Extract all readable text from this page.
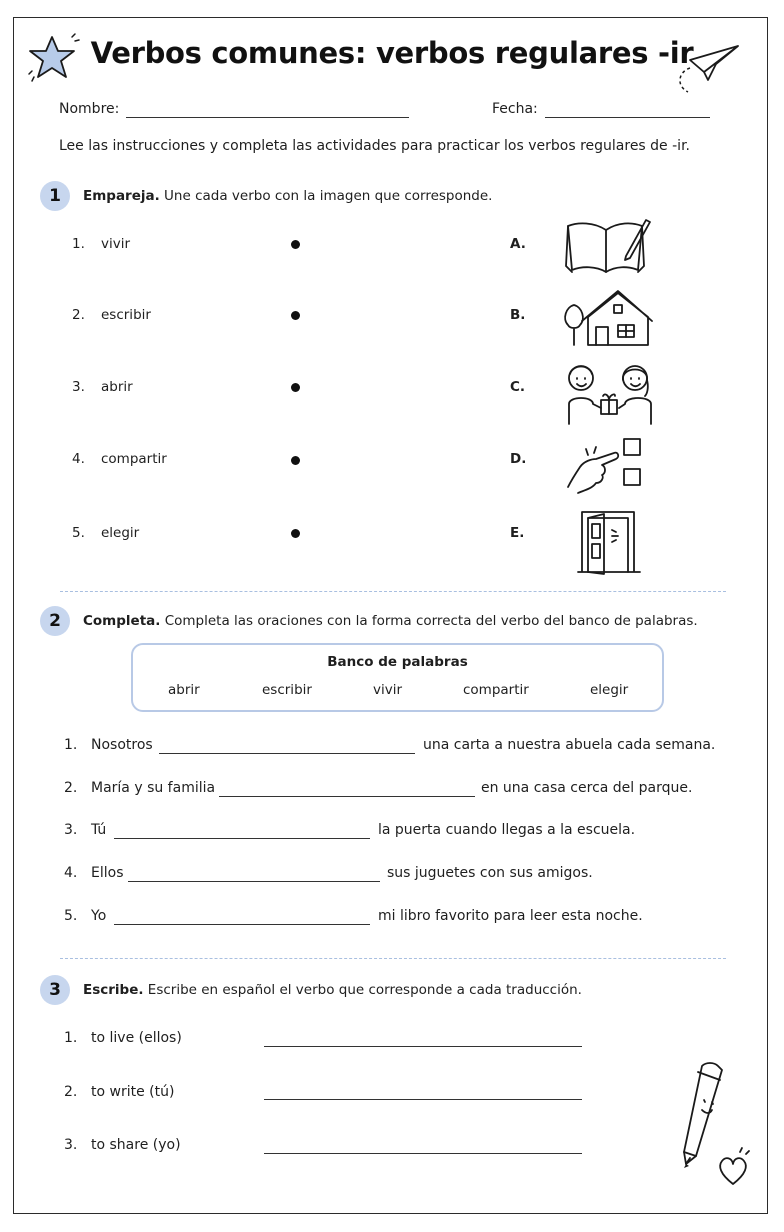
Verbos comunes: verbos regulares -ir
Nombre:	Fecha:
Lee las instrucciones y completa las actividades para practicar los verbos regulares de -ir.
1	Empareja. Une cada verbo con la imagen que corresponde.
1. vivir	A.
2. escribir	B.
3. abrir	C.
4. compartir	D.
5. elegir	E.
2	Completa. Completa las oraciones con la forma correcta del verbo del banco de palabras.
Banco de palabras
abrir	escribir	vivir	compartir	elegir
1. Nosotros	una carta a nuestra abuela cada semana.
2. María y su familia	en una casa cerca del parque.
3. Tú	la puerta cuando llegas a la escuela.
4. Ellos	sus juguetes con sus amigos.
5. Yo	mi libro favorito para leer esta noche.
3	Escribe. Escribe en español el verbo que corresponde a cada traducción.
1. to live (ellos)
2. to write (tú)
3. to share (yo)
